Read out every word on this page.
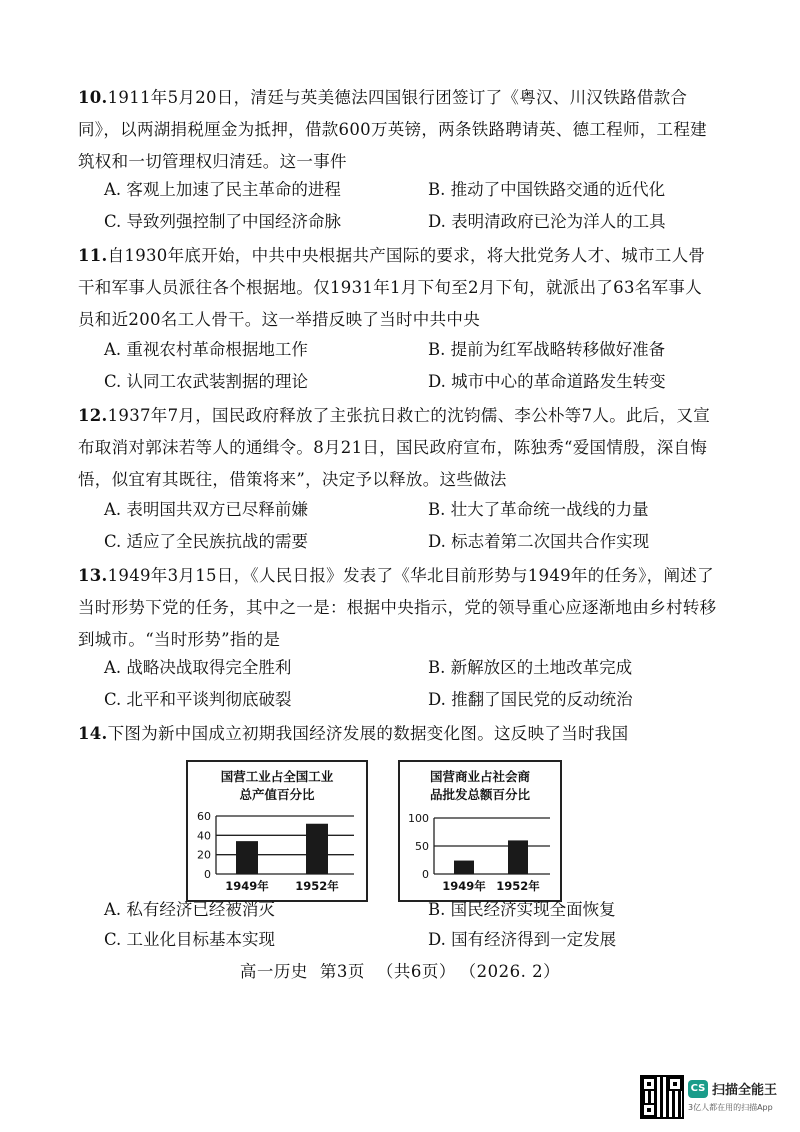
10.1911年5月20日，清廷与英美德法四国银行团签订了《粤汉、川汉铁路借款合同》，以两湖捐税厘金为抵押，借款600万英镑，两条铁路聘请英、德工程师，工程建筑权和一切管理权归清廷。这一事件
A. 客观上加速了民主革命的进程	B. 推动了中国铁路交通的近代化
C. 导致列强控制了中国经济命脉	D. 表明清政府已沦为洋人的工具
11.自1930年底开始，中共中央根据共产国际的要求，将大批党务人才、城市工人骨干和军事人员派往各个根据地。仅1931年1月下旬至2月下旬，就派出了63名军事人员和近200名工人骨干。这一举措反映了当时中共中央
A. 重视农村革命根据地工作	B. 提前为红军战略转移做好准备
C. 认同工农武装割据的理论	D. 城市中心的革命道路发生转变
12.1937年7月，国民政府释放了主张抗日救亡的沈钧儒、李公朴等7人。此后，又宣布取消对郭沫若等人的通缉令。8月21日，国民政府宣布，陈独秀“爱国情殷，深自悔悟，似宜宥其既往，借策将来”，决定予以释放。这些做法
A. 表明国共双方已尽释前嫌	B. 壮大了革命统一战线的力量
C. 适应了全民族抗战的需要	D. 标志着第二次国共合作实现
13.1949年3月15日，《人民日报》发表了《华北目前形势与1949年的任务》，阐述了当时形势下党的任务，其中之一是：根据中央指示，党的领导重心应逐渐地由乡村转移到城市。“当时形势”指的是
A. 战略决战取得完全胜利	B. 新解放区的土地改革完成
C. 北平和平谈判彻底破裂	D. 推翻了国民党的反动统治
14.下图为新中国成立初期我国经济发展的数据变化图。这反映了当时我国
国营工业占全国工业
总产值百分比
0
20
40
60
1949年 1952年
国营商业占社会商
品批发总额百分比
0
50
100
1949年 1952年
A. 私有经济已经被消灭	B. 国民经济实现全面恢复
C. 工业化目标基本实现	D. 国有经济得到一定发展
高一历史 第3页 （共6页） （2026. 2）
CS 扫描全能王
3亿人都在用的扫描App
